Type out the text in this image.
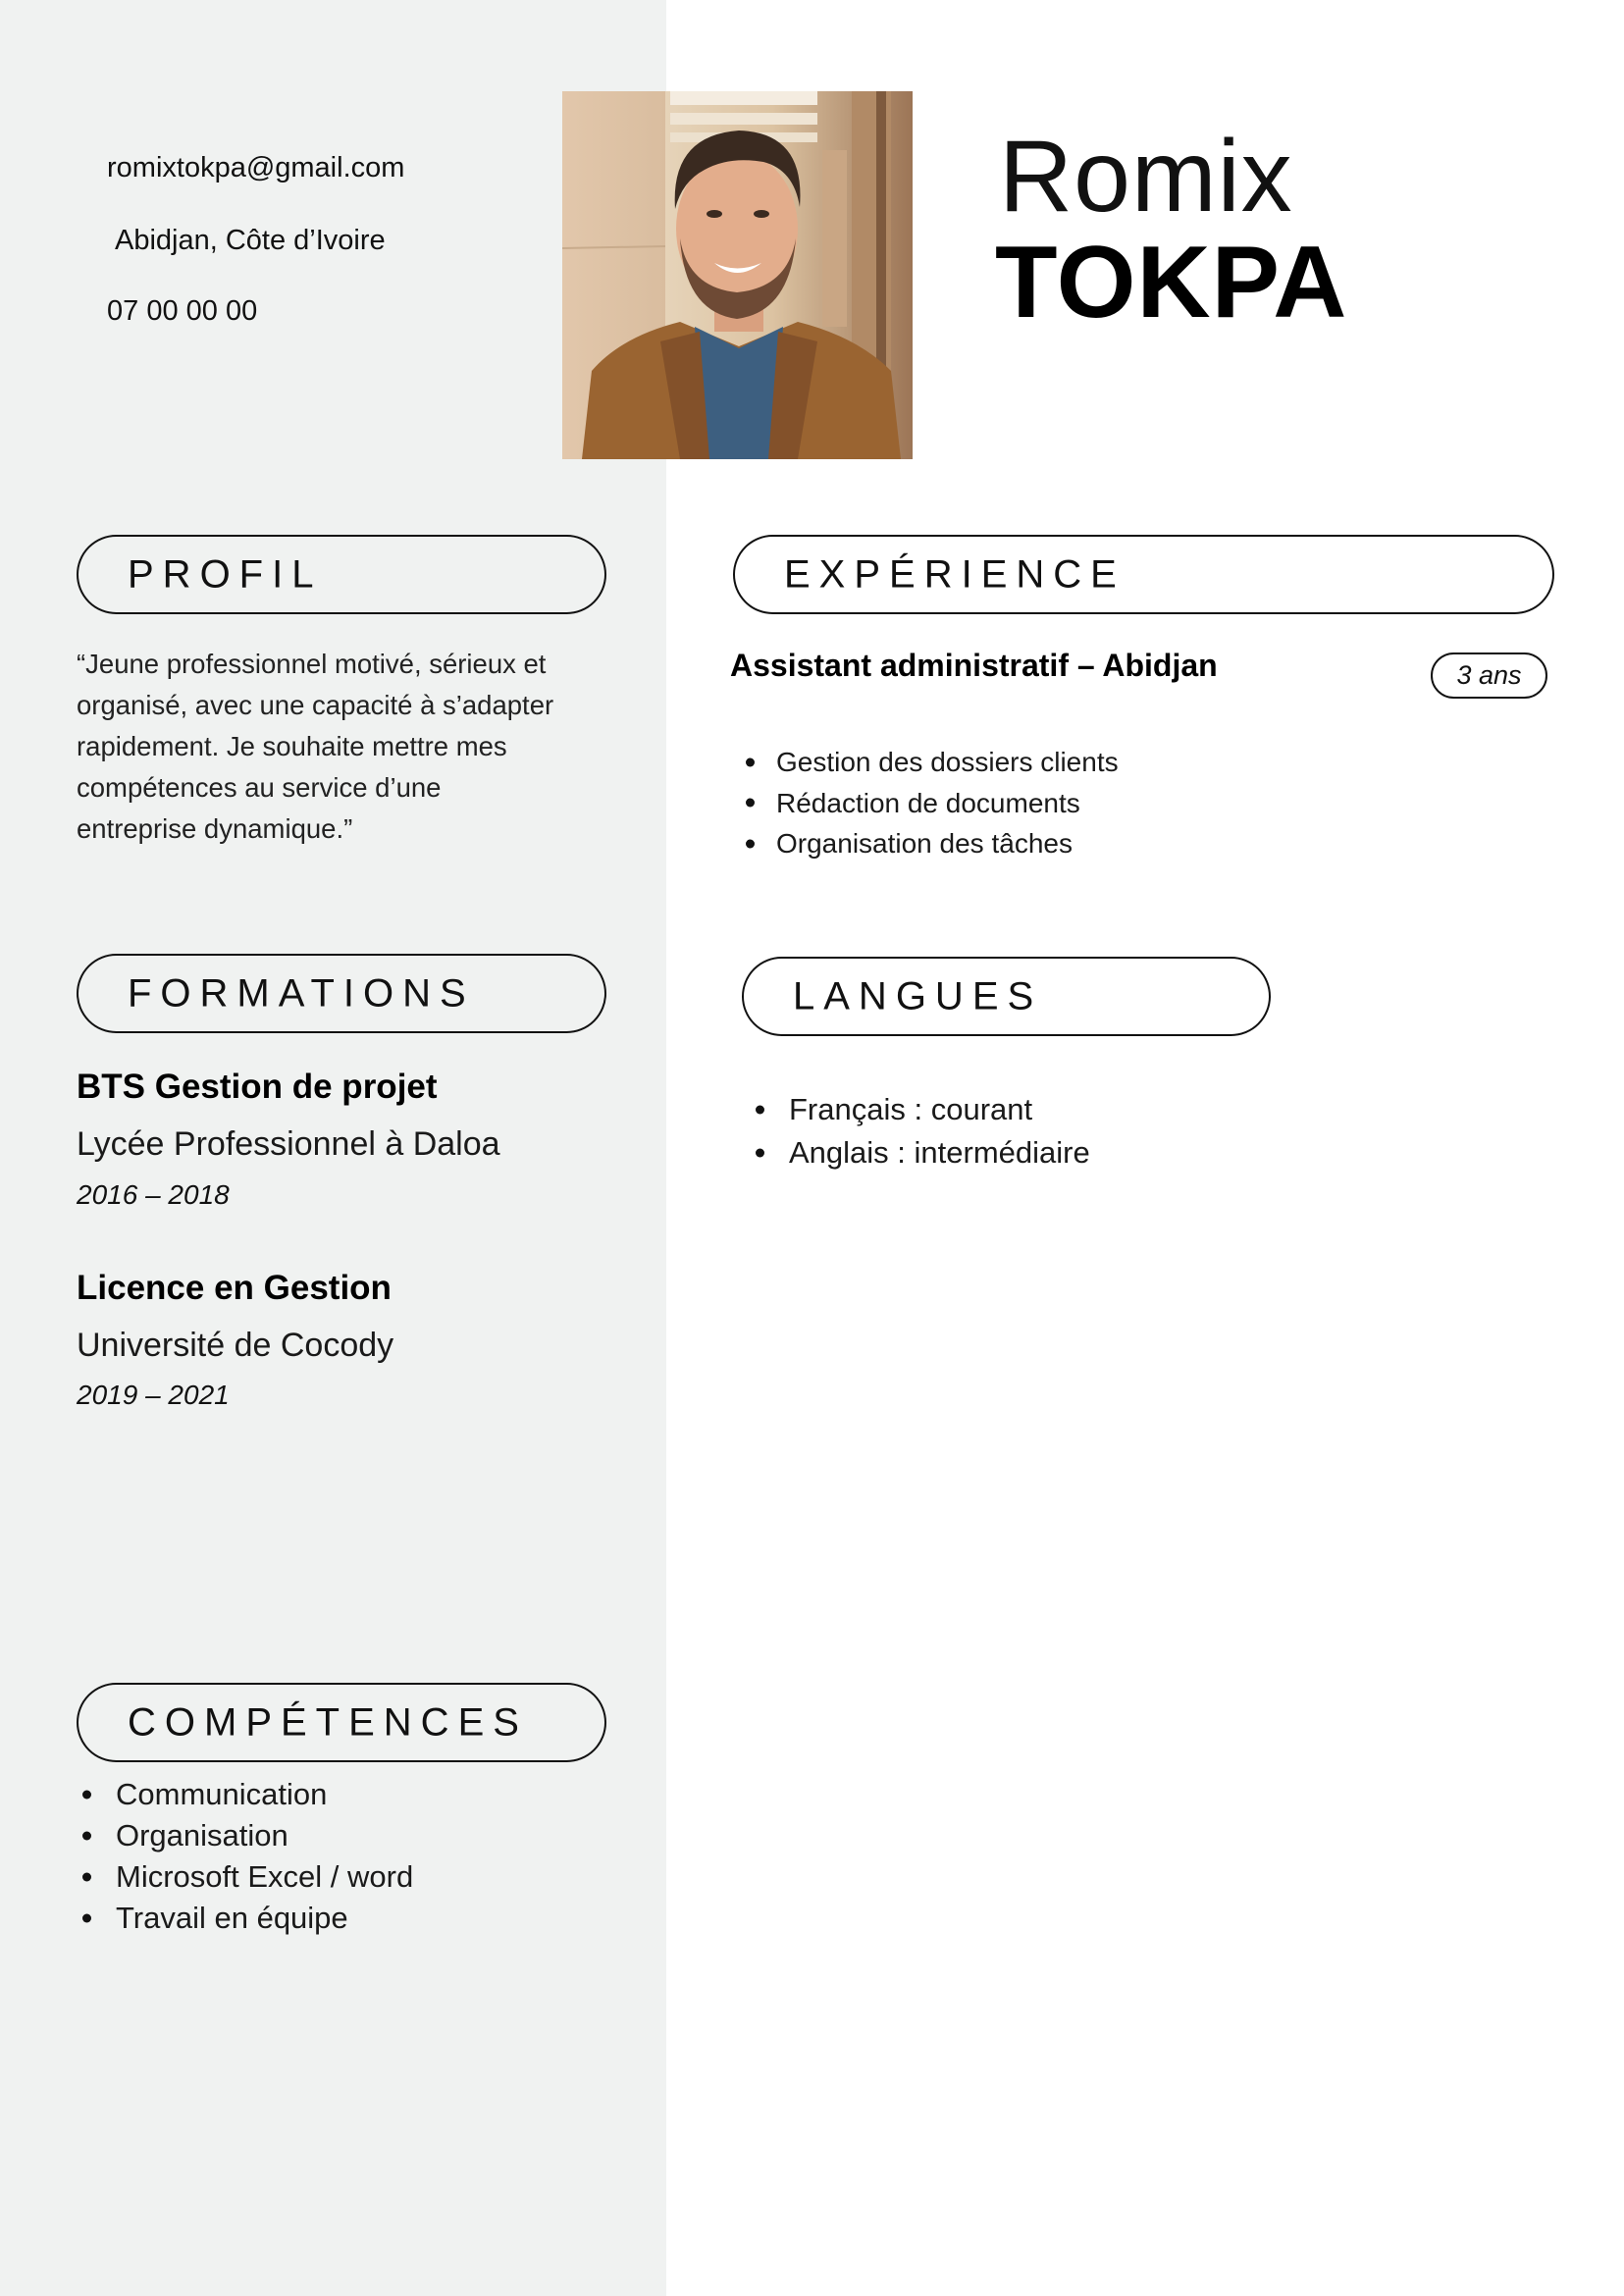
romixtokpa@gmail.com
Abidjan, Côte d’Ivoire
07 00 00 00
Romix
TOKPA
PROFIL
“Jeune professionnel motivé, sérieux et
organisé, avec une capacité à s’adapter
rapidement. Je souhaite mettre mes
compétences au service d’une
entreprise dynamique.”
EXPÉRIENCE
Assistant administratif – Abidjan	3 ans
Gestion des dossiers clients
Rédaction de documents
Organisation des tâches
FORMATIONS
BTS Gestion de projet
Lycée Professionnel à Daloa
2016 – 2018
Licence en Gestion
Université de Cocody
2019 – 2021
LANGUES
Français : courant
Anglais : intermédiaire
COMPÉTENCES
Communication
Organisation
Microsoft Excel / word
Travail en équipe
